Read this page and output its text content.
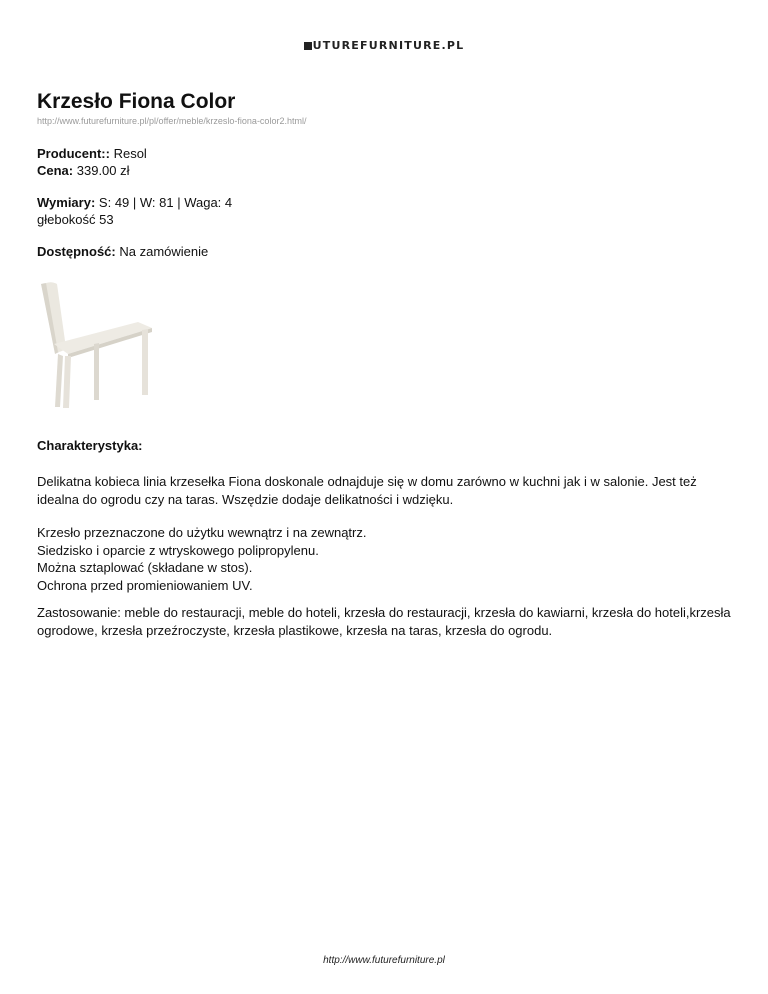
UTUREFURNITURE.PL
Krzesło Fiona Color
http://www.futurefurniture.pl/pl/offer/meble/krzeslo-fiona-color2.html/
Producent:: Resol
Cena: 339.00 zł
Wymiary: S: 49 | W: 81 | Waga: 4
głebokość 53
Dostępność: Na zamówienie
Charakterystyka:
Delikatna kobieca linia krzesełka Fiona doskonale odnajduje się w domu zarówno w kuchni jak i w salonie. Jest też idealna do ogrodu czy na taras. Wszędzie dodaje delikatności i wdzięku.
Krzesło przeznaczone do użytku wewnątrz i na zewnątrz.
Siedzisko i oparcie z wtryskowego polipropylenu.
Można sztaplować (składane w stos).
Ochrona przed promieniowaniem UV.
Zastosowanie: meble do restauracji, meble do hoteli, krzesła do restauracji, krzesła do kawiarni, krzesła do hoteli,krzesła ogrodowe, krzesła przeźroczyste, krzesła plastikowe, krzesła na taras, krzesła do ogrodu.
http://www.futurefurniture.pl
